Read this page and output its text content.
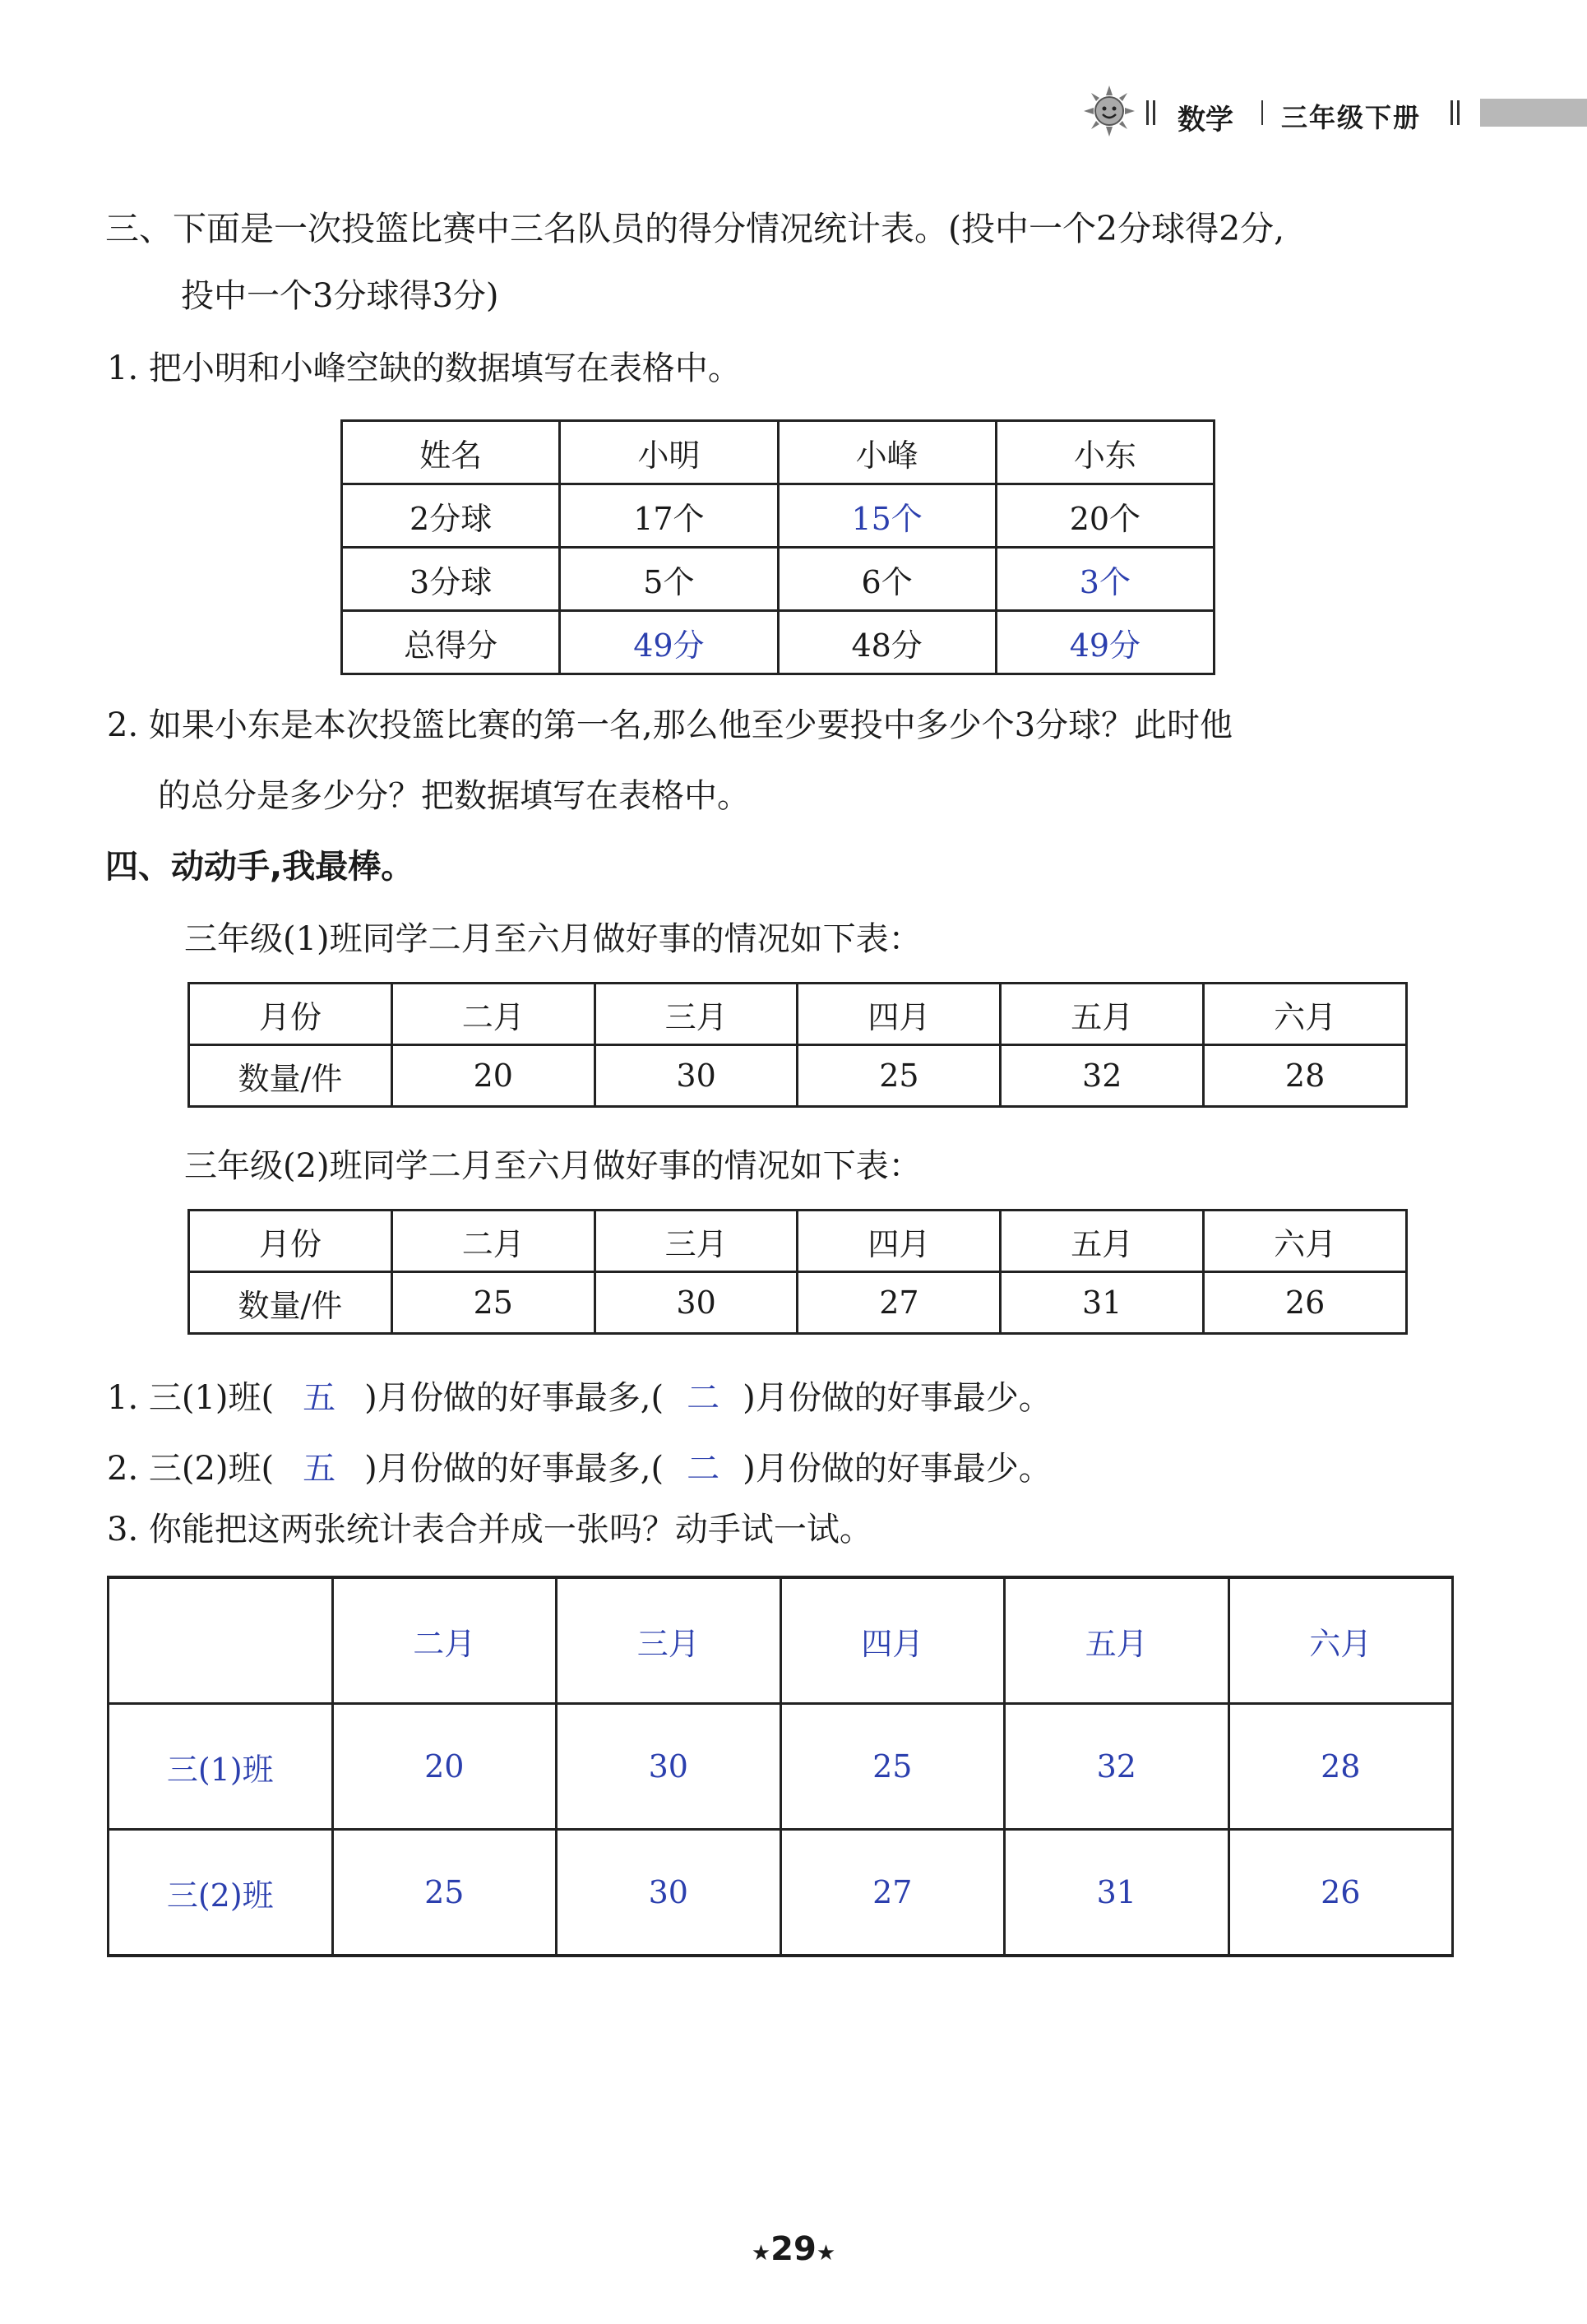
数学 三年级下册
三、下面是一次投篮比赛中三名队员的得分情况统计表。(投中一个2分球得2分,
投中一个3分球得3分)
1. 把小明和小峰空缺的数据填写在表格中。
姓名	小明	小峰	小东
2分球	17个	15个	20个
3分球	5个	6个	3个
总得分	49分	48分	49分
2. 如果小东是本次投篮比赛的第一名,那么他至少要投中多少个3分球？此时他
的总分是多少分？把数据填写在表格中。
四、动动手,我最棒。
三年级(1)班同学二月至六月做好事的情况如下表：
月份	二月	三月	四月	五月	六月
数量/件	20	30	25	32	28
三年级(2)班同学二月至六月做好事的情况如下表：
月份	二月	三月	四月	五月	六月
数量/件	25	30	27	31	26
1. 三(1)班( 五 )月份做的好事最多,( 二 )月份做的好事最少。
2. 三(2)班( 五 )月份做的好事最多,( 二 )月份做的好事最少。
3. 你能把这两张统计表合并成一张吗？动手试一试。
	二月	三月	四月	五月	六月
三(1)班	20	30	25	32	28
三(2)班	25	30	27	31	26
★29★
